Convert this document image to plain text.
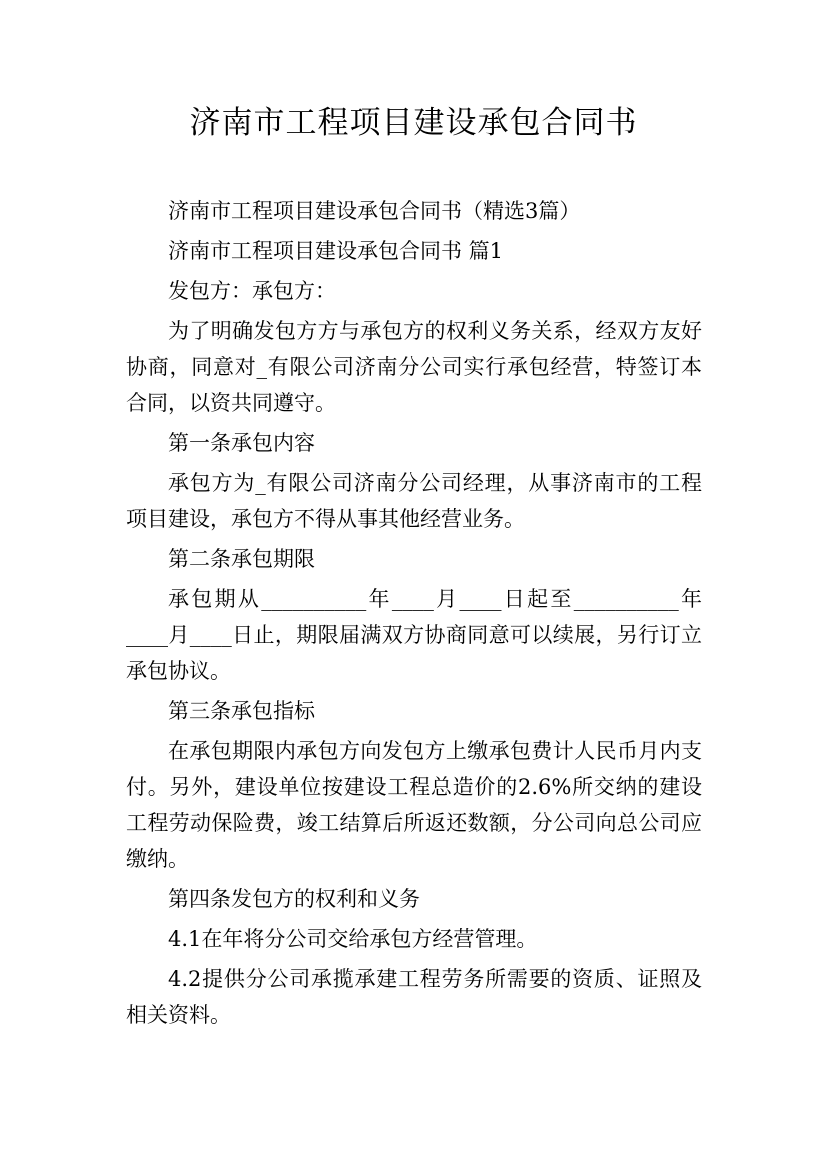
济南市工程项目建设承包合同书

济南市工程项目建设承包合同书（精选3篇）

济南市工程项目建设承包合同书 篇1

发包方：承包方：

为了明确发包方方与承包方的权利义务关系，经双方友好协商，同意对_有限公司济南分公司实行承包经营，特签订本合同，以资共同遵守。

第一条承包内容

承包方为_有限公司济南分公司经理，从事济南市的工程项目建设，承包方不得从事其他经营业务。

第二条承包期限

承包期从__________年____月____日起至__________年____月____日止，期限届满双方协商同意可以续展，另行订立承包协议。

第三条承包指标

在承包期限内承包方向发包方上缴承包费计人民币月内支付。另外，建设单位按建设工程总造价的2.6%所交纳的建设工程劳动保险费，竣工结算后所返还数额，分公司向总公司应缴纳。

第四条发包方的权利和义务

4.1在年将分公司交给承包方经营管理。

4.2提供分公司承揽承建工程劳务所需要的资质、证照及相关资料。
